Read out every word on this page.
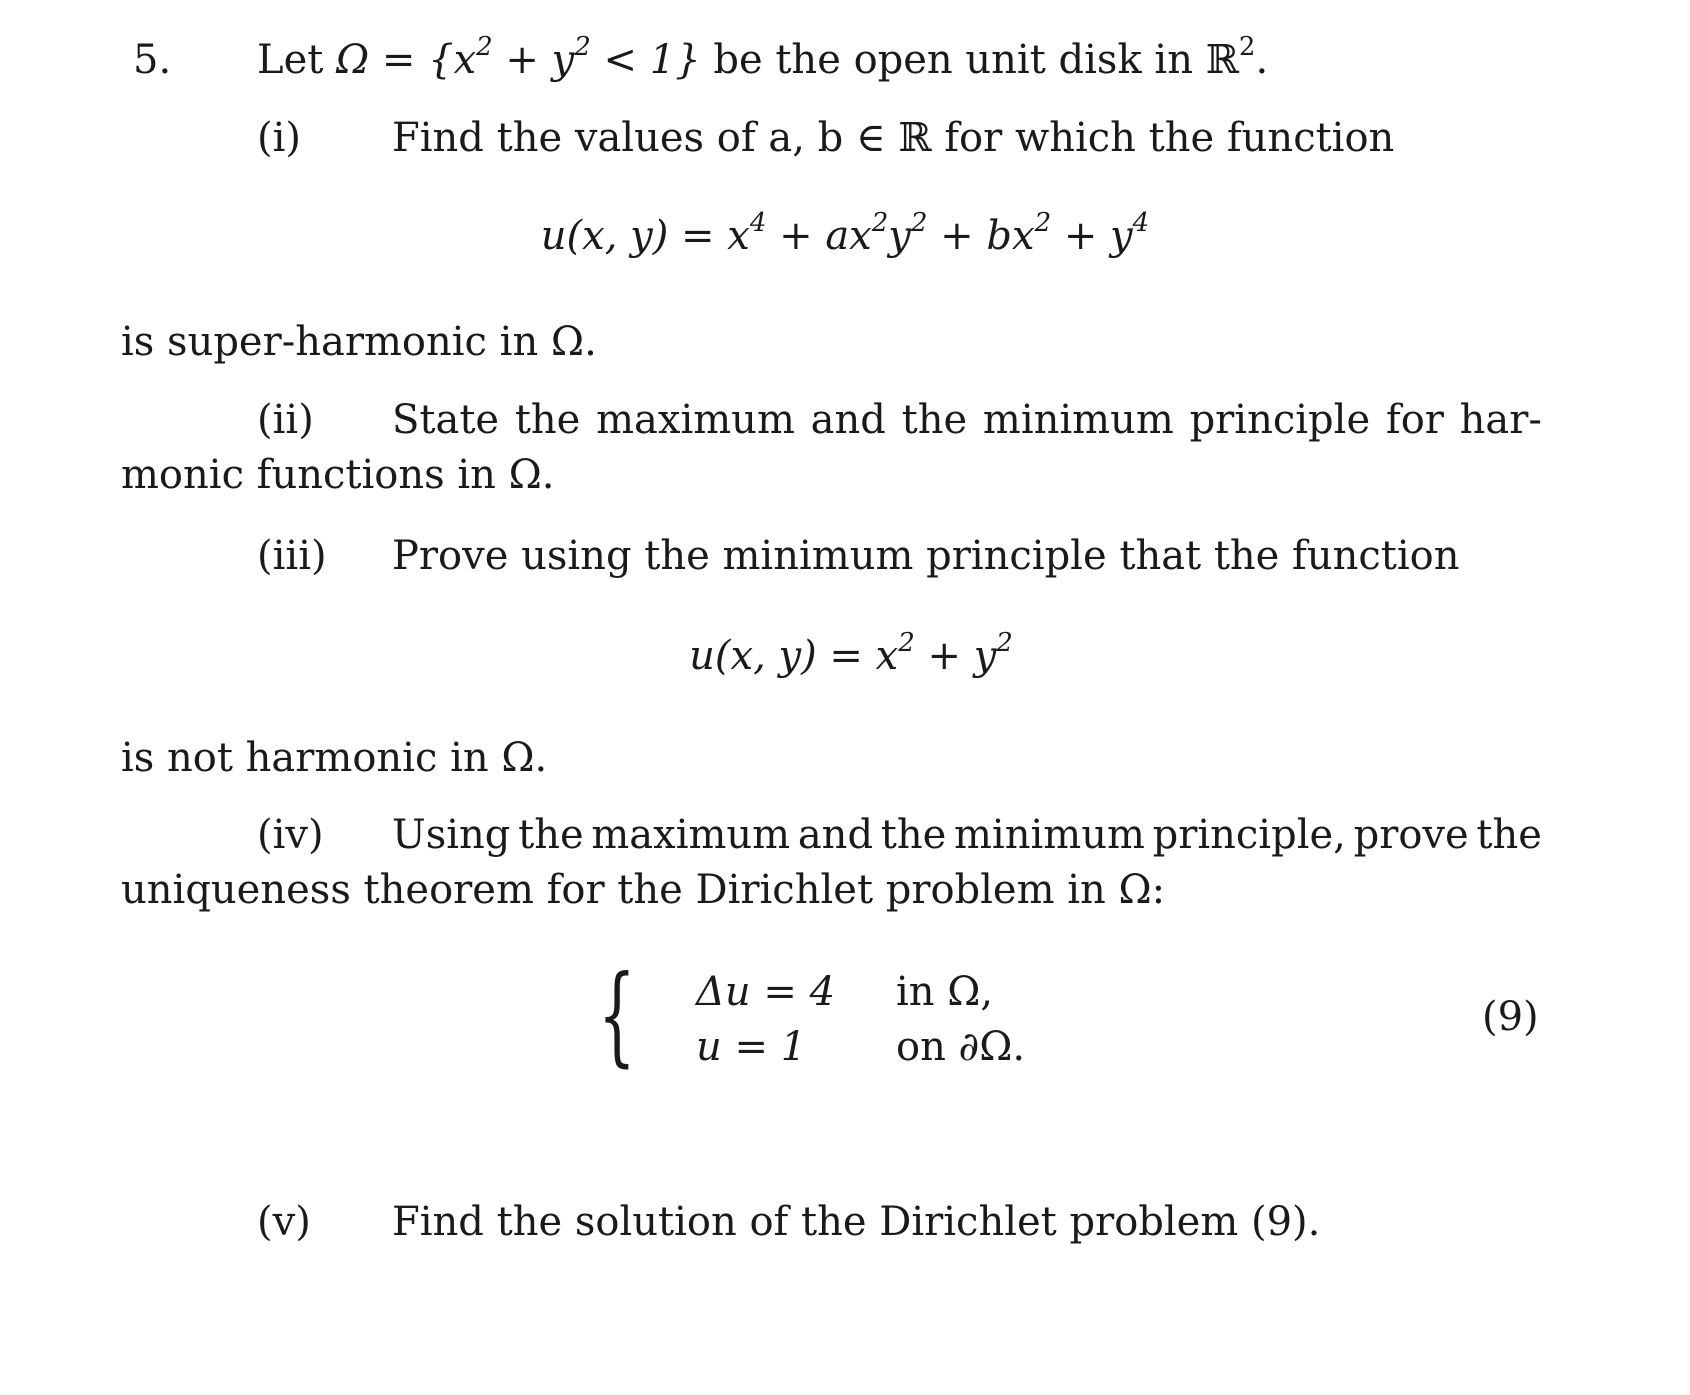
5. Let $\Omega = \{x^2 + y^2 < 1\}$ be the open unit disk in ℝ$^2$.
(i) Find the values of a, b ∈ ℝ for which the function
u(x, $y) = x^4 + ax^2y^2 + bx^2 + y^4$
is super-harmonic in Ω.
(ii) State the maximum and the minimum principle for har-
monic functions in Ω.
(iii) Prove using the minimum principle that the function
u(x, $y) = x^2 + y^2$
is not harmonic in Ω.
(iv) Using the maximum and the minimum principle, prove the
uniqueness theorem for the Dirichlet problem in Ω:
{ Δu = 4 in Ω,
u = 1 on ∂Ω.
(9)
(v) Find the solution of the Dirichlet problem (9).
